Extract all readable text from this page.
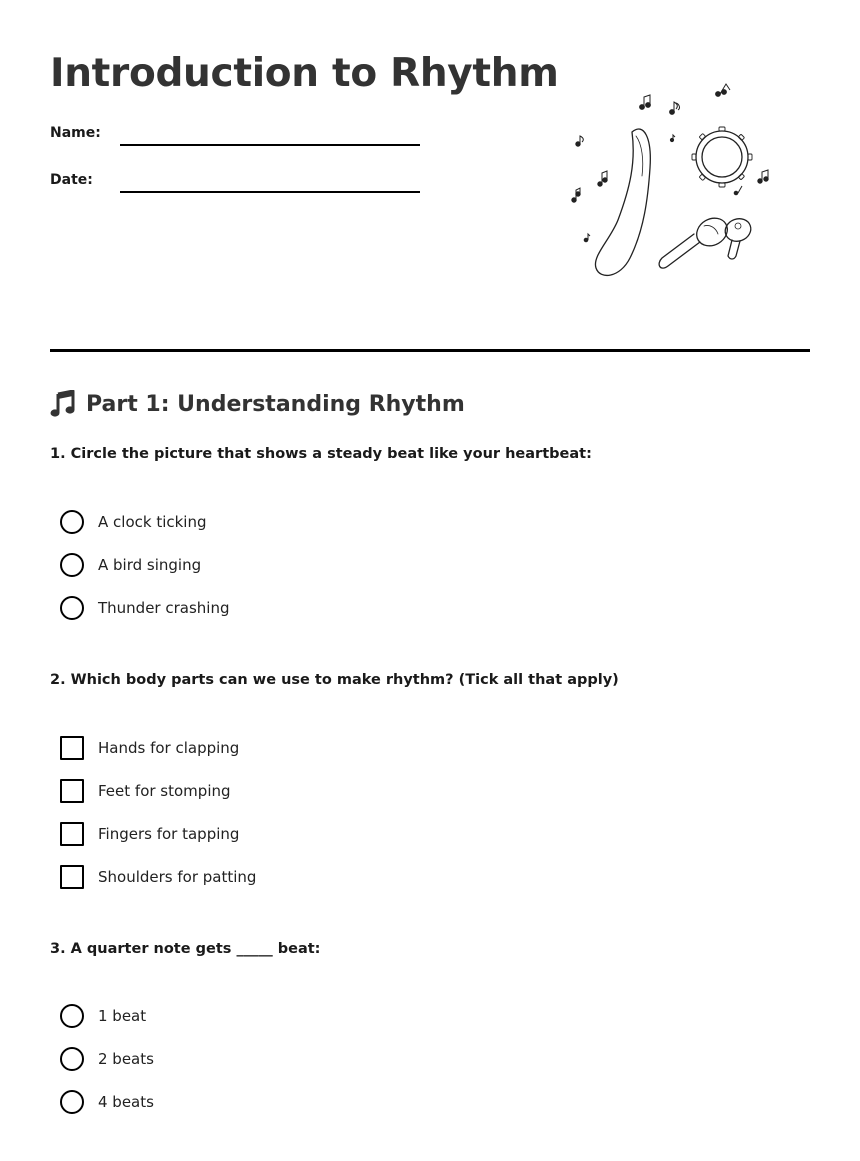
Introduction to Rhythm
Name:
Date:
Part 1: Understanding Rhythm
1. Circle the picture that shows a steady beat like your heartbeat:
A clock ticking
A bird singing
Thunder crashing
2. Which body parts can we use to make rhythm? (Tick all that apply)
Hands for clapping
Feet for stomping
Fingers for tapping
Shoulders for patting
3. A quarter note gets _____ beat:
1 beat
2 beats
4 beats
